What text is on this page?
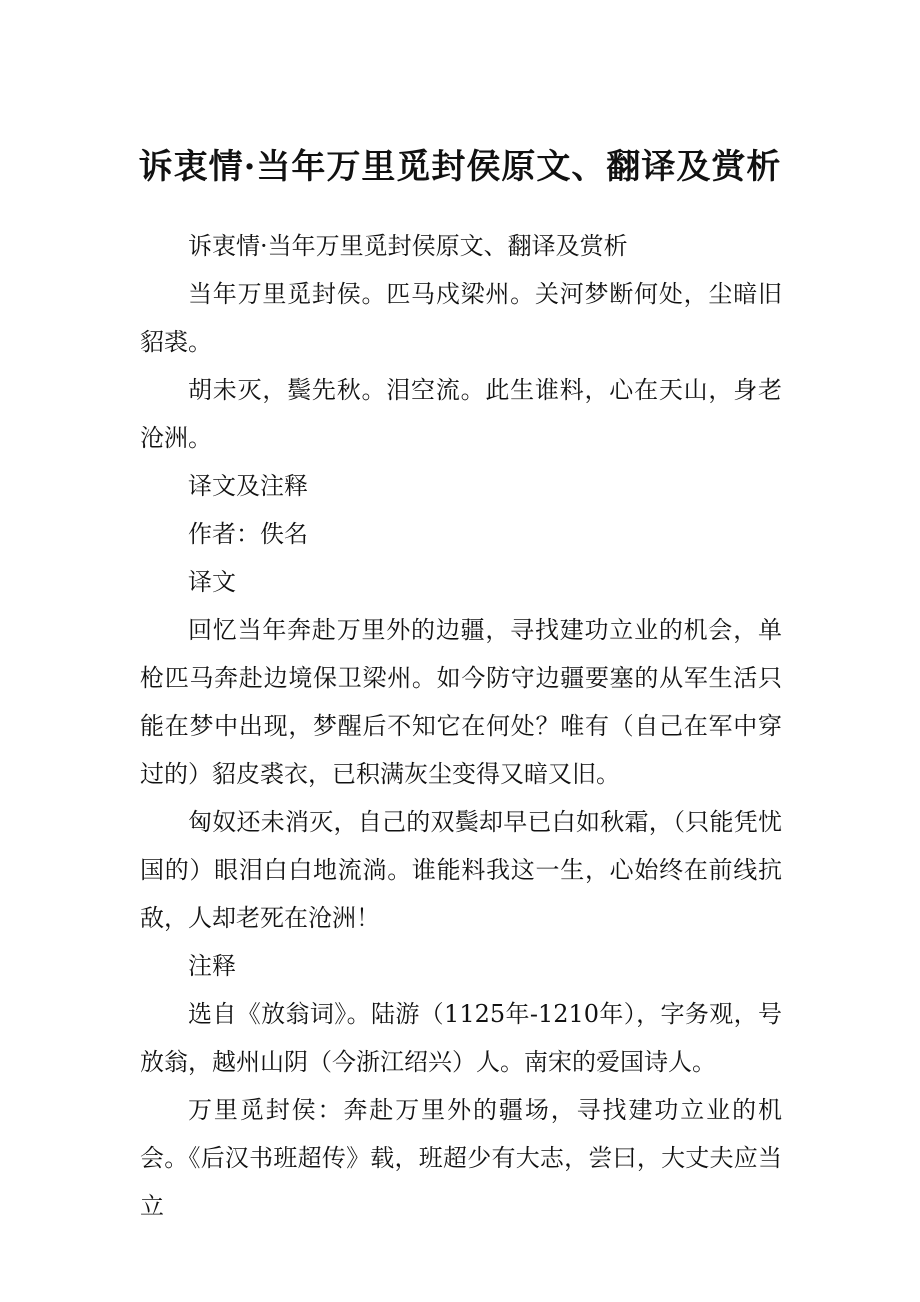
诉衷情·当年万里觅封侯原文、翻译及赏析

诉衷情·当年万里觅封侯原文、翻译及赏析

当年万里觅封侯。匹马戍梁州。关河梦断何处，尘暗旧貂裘。

胡未灭，鬓先秋。泪空流。此生谁料，心在天山，身老沧洲。

译文及注释

作者：佚名

译文

回忆当年奔赴万里外的边疆，寻找建功立业的机会，单枪匹马奔赴边境保卫梁州。如今防守边疆要塞的从军生活只能在梦中出现，梦醒后不知它在何处？唯有（自己在军中穿过的）貂皮裘衣，已积满灰尘变得又暗又旧。

匈奴还未消灭，自己的双鬓却早已白如秋霜，（只能凭忧国的）眼泪白白地流淌。谁能料我这一生，心始终在前线抗敌，人却老死在沧洲！

注释

选自《放翁词》。陆游（1125年-1210年），字务观，号放翁，越州山阴（今浙江绍兴）人。南宋的爱国诗人。

万里觅封侯：奔赴万里外的疆场，寻找建功立业的机会。《后汉书班超传》载，班超少有大志，尝曰，大丈夫应当立
